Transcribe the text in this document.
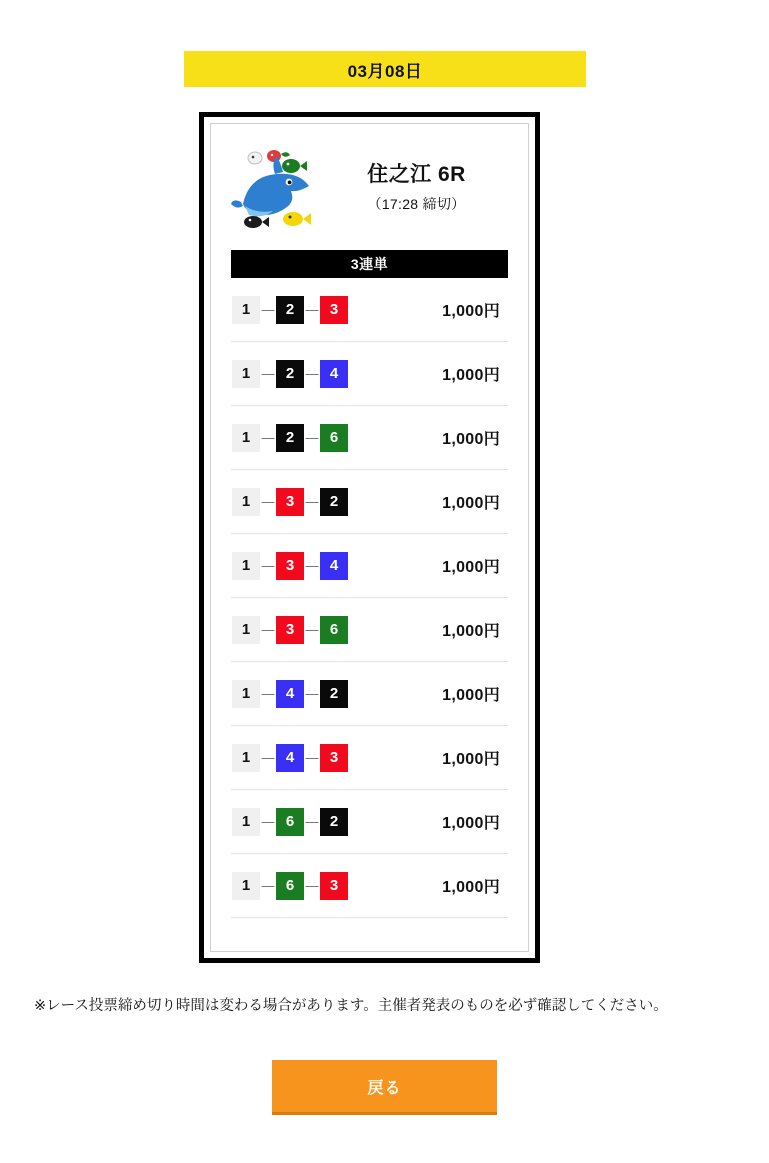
03月08日
住之江 6R
（17:28 締切）
3連単
1 — 2 — 3	1,000円
1 — 2 — 4	1,000円
1 — 2 — 6	1,000円
1 — 3 — 2	1,000円
1 — 3 — 4	1,000円
1 — 3 — 6	1,000円
1 — 4 — 2	1,000円
1 — 4 — 3	1,000円
1 — 6 — 2	1,000円
1 — 6 — 3	1,000円
※レース投票締め切り時間は変わる場合があります。主催者発表のものを必ず確認してください。
戻る
